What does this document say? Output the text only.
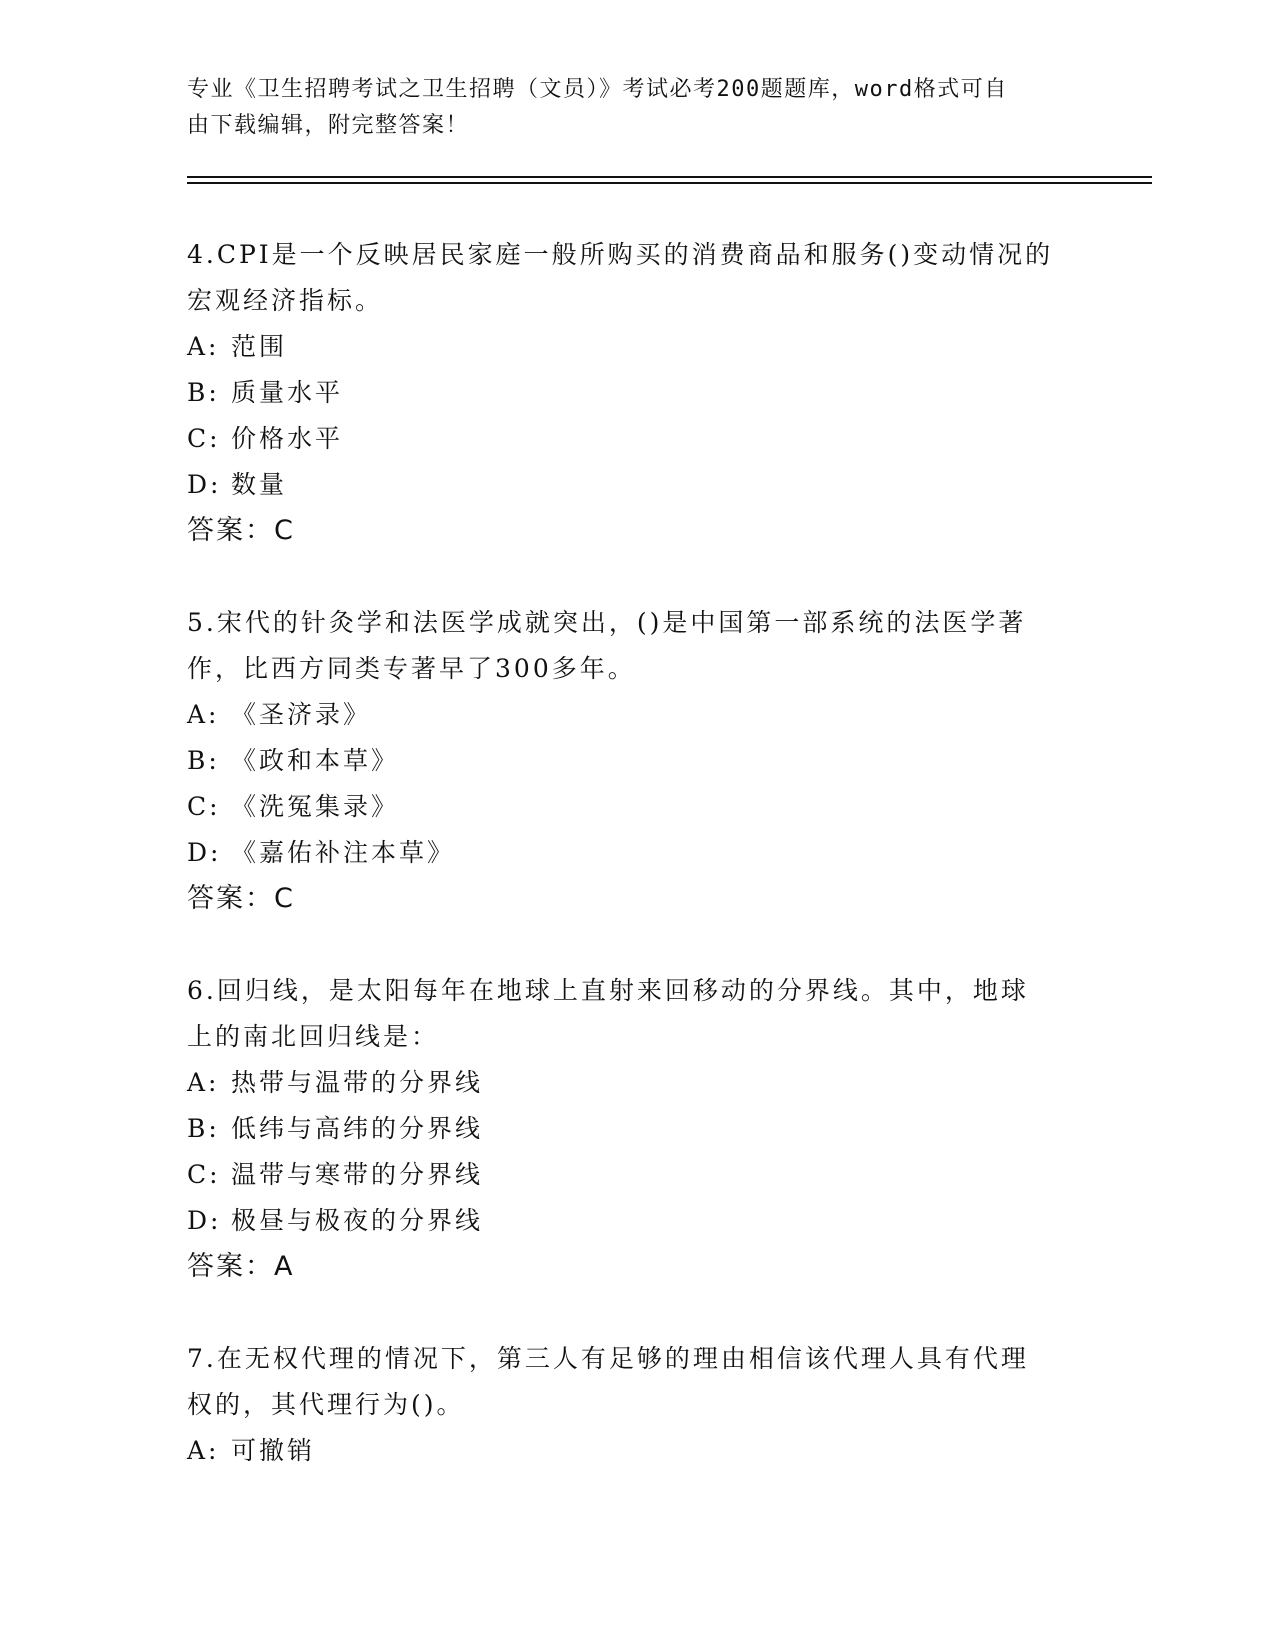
专业《卫生招聘考试之卫生招聘（文员）》考试必考200题题库，word格式可自
由下载编辑，附完整答案！
4.CPI是一个反映居民家庭一般所购买的消费商品和服务()变动情况的
宏观经济指标。
A: 范围
B: 质量水平
C: 价格水平
D: 数量
答案：C
5.宋代的针灸学和法医学成就突出，()是中国第一部系统的法医学著
作，比西方同类专著早了300多年。
A: 《圣济录》
B: 《政和本草》
C: 《洗冤集录》
D: 《嘉佑补注本草》
答案：C
6.回归线，是太阳每年在地球上直射来回移动的分界线。其中，地球
上的南北回归线是：
A: 热带与温带的分界线
B: 低纬与高纬的分界线
C: 温带与寒带的分界线
D: 极昼与极夜的分界线
答案：A
7.在无权代理的情况下，第三人有足够的理由相信该代理人具有代理
权的，其代理行为()。
A: 可撤销
